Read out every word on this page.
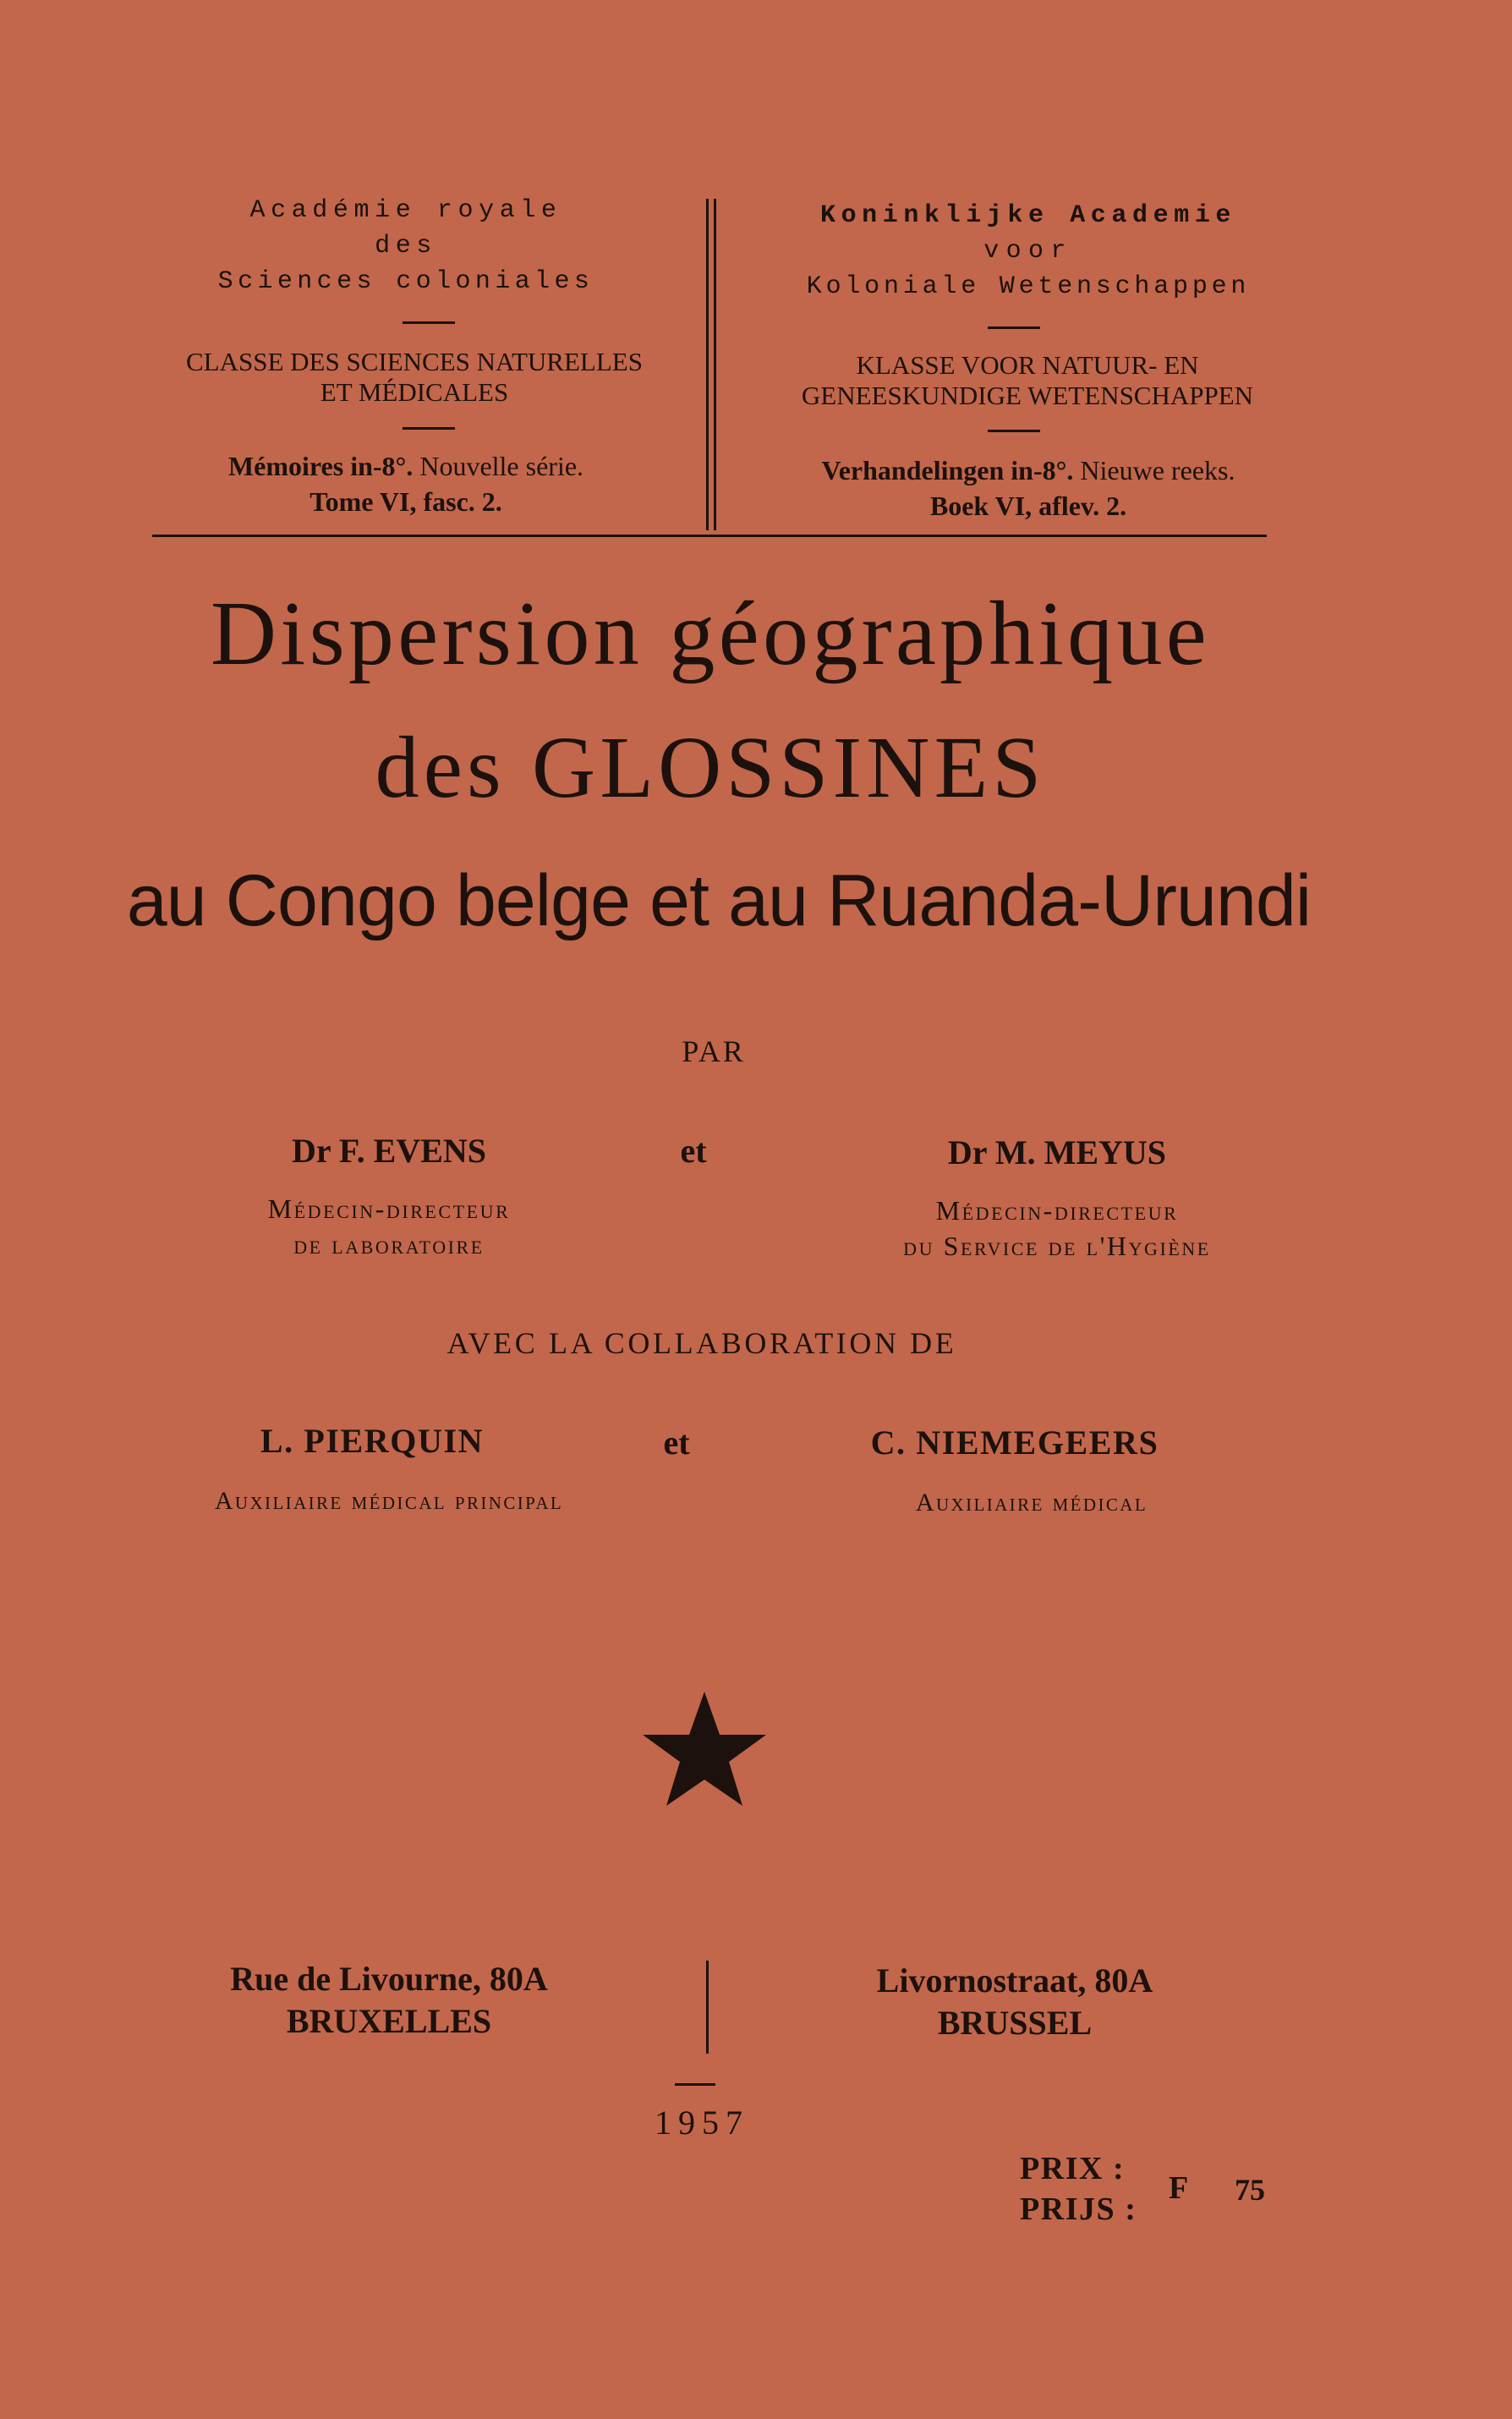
Académie royale
des
Sciences coloniales
CLASSE DES SCIENCES NATURELLES
ET MÉDICALES
Mémoires in-8°. Nouvelle série.
Tome VI, fasc. 2.
Koninklijke Academie
voor
Koloniale Wetenschappen
KLASSE VOOR NATUUR- EN
GENEESKUNDIGE WETENSCHAPPEN
Verhandelingen in-8°. Nieuwe reeks.
Boek VI, aflev. 2.
Dispersion géographique
des GLOSSINES
au Congo belge et au Ruanda-Urundi
PAR
Dr F. EVENS
Médecin-directeur
de laboratoire
et	Dr M. MEYUS
Médecin-directeur
du Service de l'Hygiène
AVEC LA COLLABORATION DE
L. PIERQUIN
Auxiliaire médical principal
et	C. NIEMEGEERS
Auxiliaire médical
Rue de Livourne, 80A
BRUXELLES
Livornostraat, 80A
BRUSSEL
1957
PRIX :
PRIJS :
F 75
